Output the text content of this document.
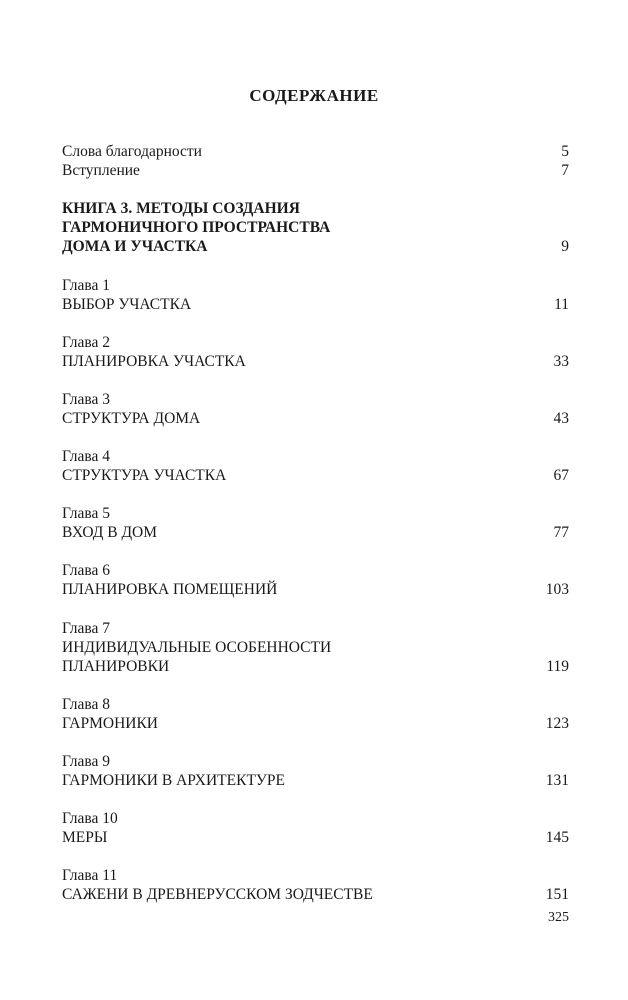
СОДЕРЖАНИЕ
Слова благодарности	5
Вступление	7
КНИГА 3. МЕТОДЫ СОЗДАНИЯ
ГАРМОНИЧНОГО ПРОСТРАНСТВА
ДОМА И УЧАСТКА	9
Глава 1
ВЫБОР УЧАСТКА	11
Глава 2
ПЛАНИРОВКА УЧАСТКА	33
Глава 3
СТРУКТУРА ДОМА	43
Глава 4
СТРУКТУРА УЧАСТКА	67
Глава 5
ВХОД В ДОМ	77
Глава 6
ПЛАНИРОВКА ПОМЕЩЕНИЙ	103
Глава 7
ИНДИВИДУАЛЬНЫЕ ОСОБЕННОСТИ
ПЛАНИРОВКИ	119
Глава 8
ГАРМОНИКИ	123
Глава 9
ГАРМОНИКИ В АРХИТЕКТУРЕ	131
Глава 10
МЕРЫ	145
Глава 11
САЖЕНИ В ДРЕВНЕРУССКОМ ЗОДЧЕСТВЕ	151
325
